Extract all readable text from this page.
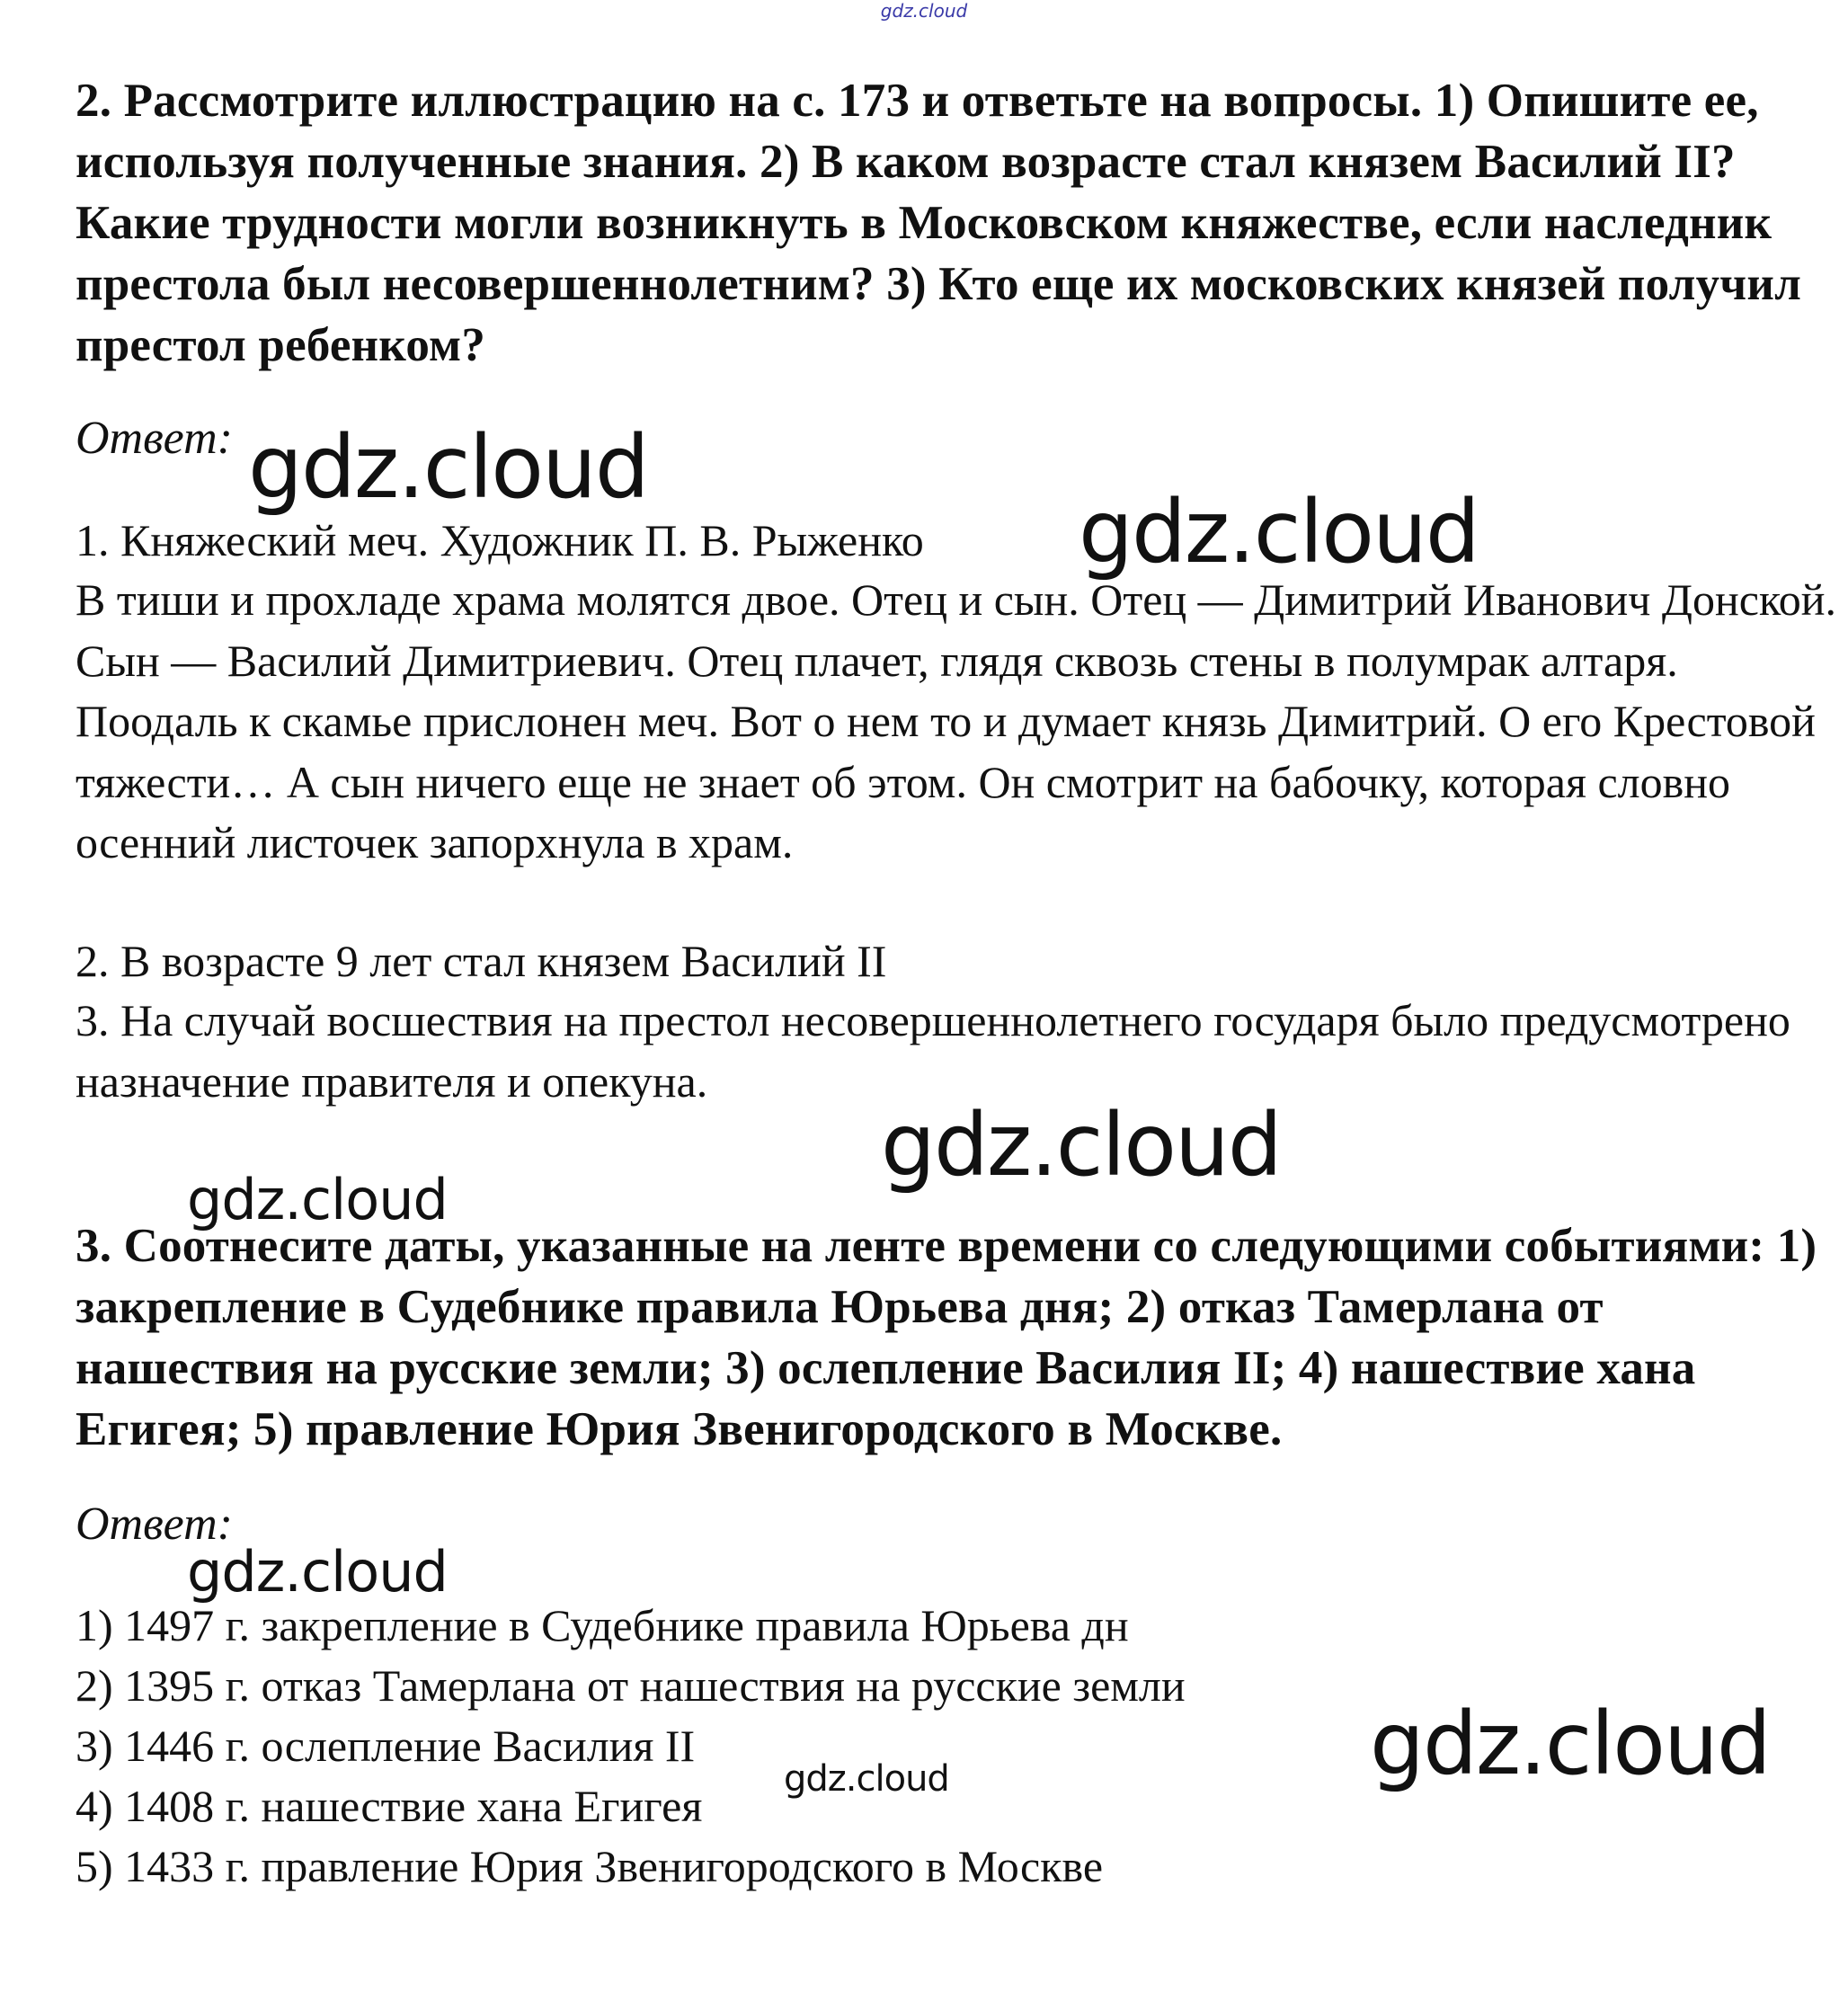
gdz.cloud
2. Рассмотрите иллюстрацию на с. 173 и ответьте на вопросы. 1) Опишите ее, используя полученные знания. 2) В каком возрасте стал князем Василий II? Какие трудности могли возникнуть в Московском княжестве, если наследник престола был несовершеннолетним? 3) Кто еще их московских князей получил престол ребенком?
Ответ:
1. Княжеский меч. Художник П. В. Рыженко
В тиши и прохладе храма молятся двое. Отец и сын. Отец — Димитрий Иванович Донской. Сын — Василий Димитриевич. Отец плачет, глядя сквозь стены в полумрак алтаря. Поодаль к скамье прислонен меч. Вот о нем то и думает князь Димитрий. О его Крестовой тяжести… А сын ничего еще не знает об этом. Он смотрит на бабочку, которая словно осенний листочек запорхнула в храм.
2. В возрасте 9 лет стал князем Василий II
3. На случай восшествия на престол несовершеннолетнего государя было предусмотрено назначение правителя и опекуна.
3. Соотнесите даты, указанные на ленте времени со следующими событиями: 1) закрепление в Судебнике правила Юрьева дня; 2) отказ Тамерлана от нашествия на русские земли; 3) ослепление Василия II; 4) нашествие хана Егигея; 5) правление Юрия Звенигородского в Москве.
Ответ:
1) 1497 г. закрепление в Судебнике правила Юрьева дн
2) 1395 г. отказ Тамерлана от нашествия на русские земли
3) 1446 г. ослепление Василия II
4) 1408 г. нашествие хана Егигея
5) 1433 г. правление Юрия Звенигородского в Москве
gdz.cloud
gdz.cloud
gdz.cloud
gdz.cloud
gdz.cloud
gdz.cloud
gdz.cloud
